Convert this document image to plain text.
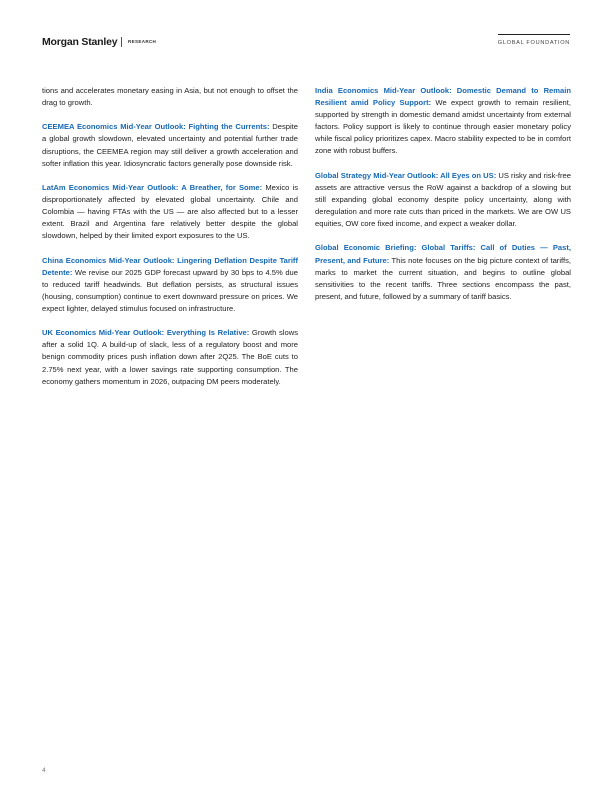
Morgan Stanley RESEARCH	GLOBAL FOUNDATION

tions and accelerates monetary easing in Asia, but not enough to offset the drag to growth.

CEEMEA Economics Mid-Year Outlook: Fighting the Currents: Despite a global growth slowdown, elevated uncertainty and potential further trade disruptions, the CEEMEA region may still deliver a growth acceleration and softer inflation this year. Idiosyncratic factors generally pose downside risk.

LatAm Economics Mid-Year Outlook: A Breather, for Some: Mexico is disproportionately affected by elevated global uncertainty. Chile and Colombia — having FTAs with the US — are also affected but to a lesser extent. Brazil and Argentina fare relatively better despite the global slowdown, helped by their limited export exposures to the US.

China Economics Mid-Year Outlook: Lingering Deflation Despite Tariff Detente: We revise our 2025 GDP forecast upward by 30 bps to 4.5% due to reduced tariff headwinds. But deflation persists, as structural issues (housing, consumption) continue to exert downward pressure on prices. We expect lighter, delayed stimulus focused on infrastructure.

UK Economics Mid-Year Outlook: Everything Is Relative: Growth slows after a solid 1Q. A build-up of slack, less of a regulatory boost and more benign commodity prices push inflation down after 2Q25. The BoE cuts to 2.75% next year, with a lower savings rate supporting consumption. The economy gathers momentum in 2026, outpacing DM peers moderately.

India Economics Mid-Year Outlook: Domestic Demand to Remain Resilient amid Policy Support: We expect growth to remain resilient, supported by strength in domestic demand amidst uncertainty from external factors. Policy support is likely to continue through easier monetary policy while fiscal policy prioritizes capex. Macro stability expected to be in comfort zone with robust buffers.

Global Strategy Mid-Year Outlook: All Eyes on US: US risky and risk-free assets are attractive versus the RoW against a backdrop of a slowing but still expanding global economy despite policy uncertainty, along with deregulation and more rate cuts than priced in the markets. We are OW US equities, OW core fixed income, and expect a weaker dollar.

Global Economic Briefing: Global Tariffs: Call of Duties — Past, Present, and Future: This note focuses on the big picture context of tariffs, marks to market the current situation, and begins to outline global sensitivities to the recent tariffs. Three sections encompass the past, present, and future, followed by a summary of tariff basics.

4
